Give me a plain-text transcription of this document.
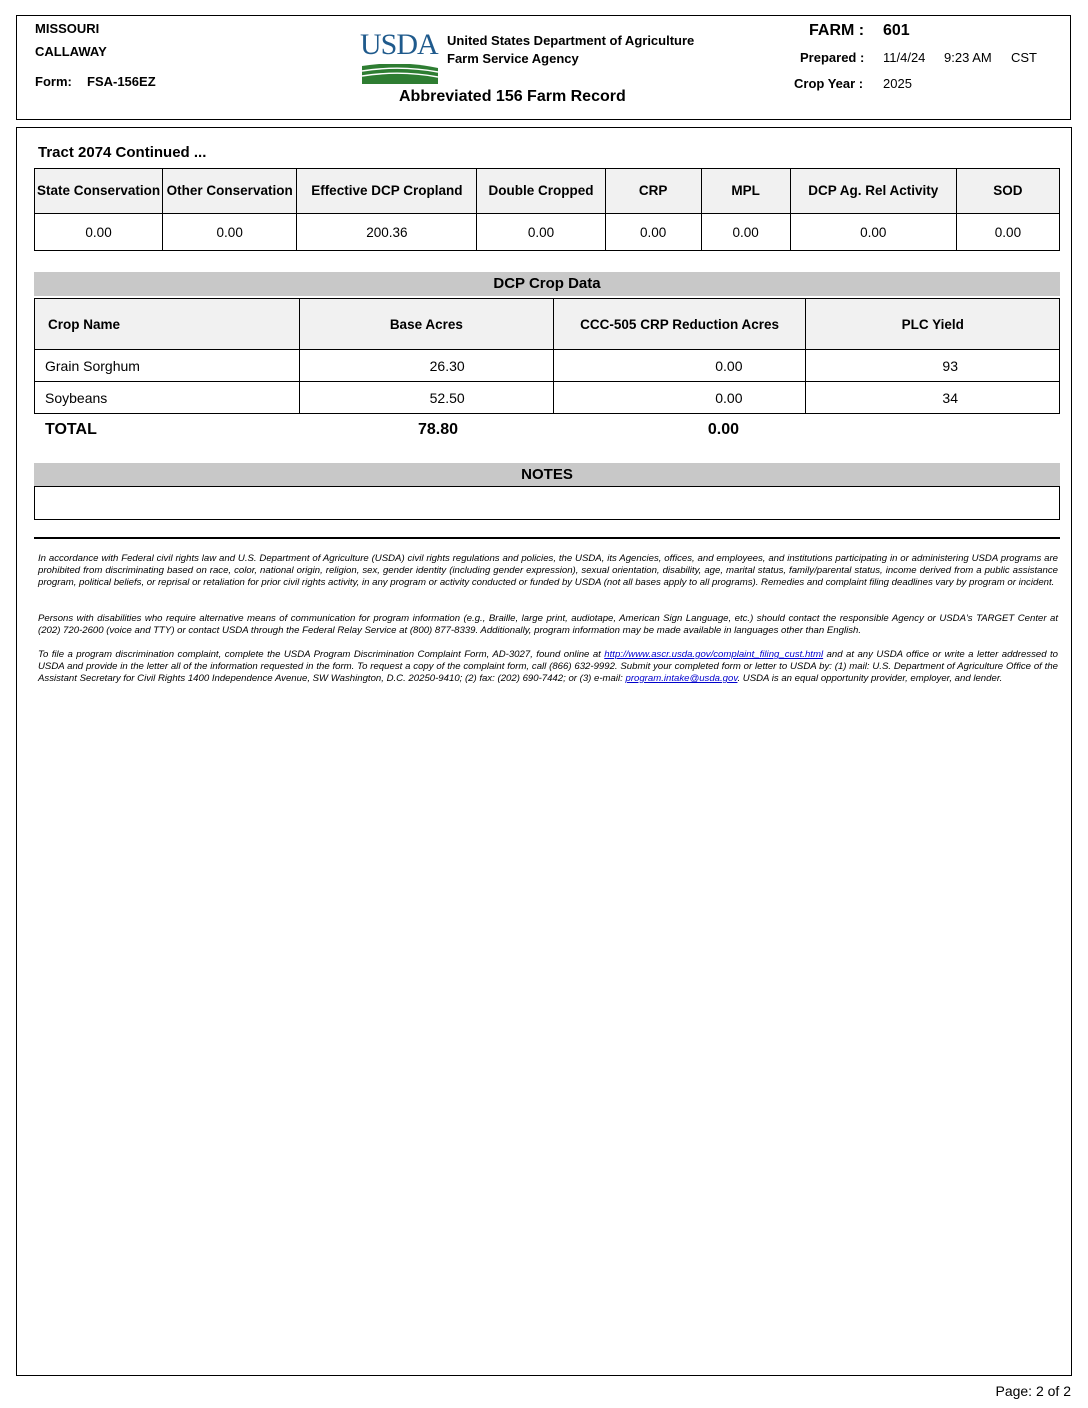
MISSOURI
CALLAWAY
Form: FSA-156EZ
USDA United States Department of Agriculture
Farm Service Agency
Abbreviated 156 Farm Record
FARM : 601
Prepared : 11/4/24 9:23 AM CST
Crop Year : 2025
Tract 2074 Continued ...
State Conservation	Other Conservation	Effective DCP Cropland	Double Cropped	CRP	MPL	DCP Ag. Rel Activity	SOD
0.00	0.00	200.36	0.00	0.00	0.00	0.00	0.00
DCP Crop Data
Crop Name	Base Acres	CCC-505 CRP Reduction Acres	PLC Yield
Grain Sorghum	26.30	0.00	93
Soybeans	52.50	0.00	34
TOTAL	78.80	0.00
NOTES
In accordance with Federal civil rights law and U.S. Department of Agriculture (USDA) civil rights regulations and policies, the USDA, its Agencies, offices, and employees, and institutions participating in or administering USDA programs are prohibited from discriminating based on race, color, national origin, religion, sex, gender identity (including gender expression), sexual orientation, disability, age, marital status, family/parental status, income derived from a public assistance program, political beliefs, or reprisal or retaliation for prior civil rights activity, in any program or activity conducted or funded by USDA (not all bases apply to all programs). Remedies and complaint filing deadlines vary by program or incident.
Persons with disabilities who require alternative means of communication for program information (e.g., Braille, large print, audiotape, American Sign Language, etc.) should contact the responsible Agency or USDA's TARGET Center at (202) 720-2600 (voice and TTY) or contact USDA through the Federal Relay Service at (800) 877-8339. Additionally, program information may be made available in languages other than English.
To file a program discrimination complaint, complete the USDA Program Discrimination Complaint Form, AD-3027, found online at http://www.ascr.usda.gov/complaint_filing_cust.html and at any USDA office or write a letter addressed to USDA and provide in the letter all of the information requested in the form. To request a copy of the complaint form, call (866) 632-9992. Submit your completed form or letter to USDA by: (1) mail: U.S. Department of Agriculture Office of the Assistant Secretary for Civil Rights 1400 Independence Avenue, SW Washington, D.C. 20250-9410; (2) fax: (202) 690-7442; or (3) e-mail: program.intake@usda.gov. USDA is an equal opportunity provider, employer, and lender.
Page: 2 of 2
